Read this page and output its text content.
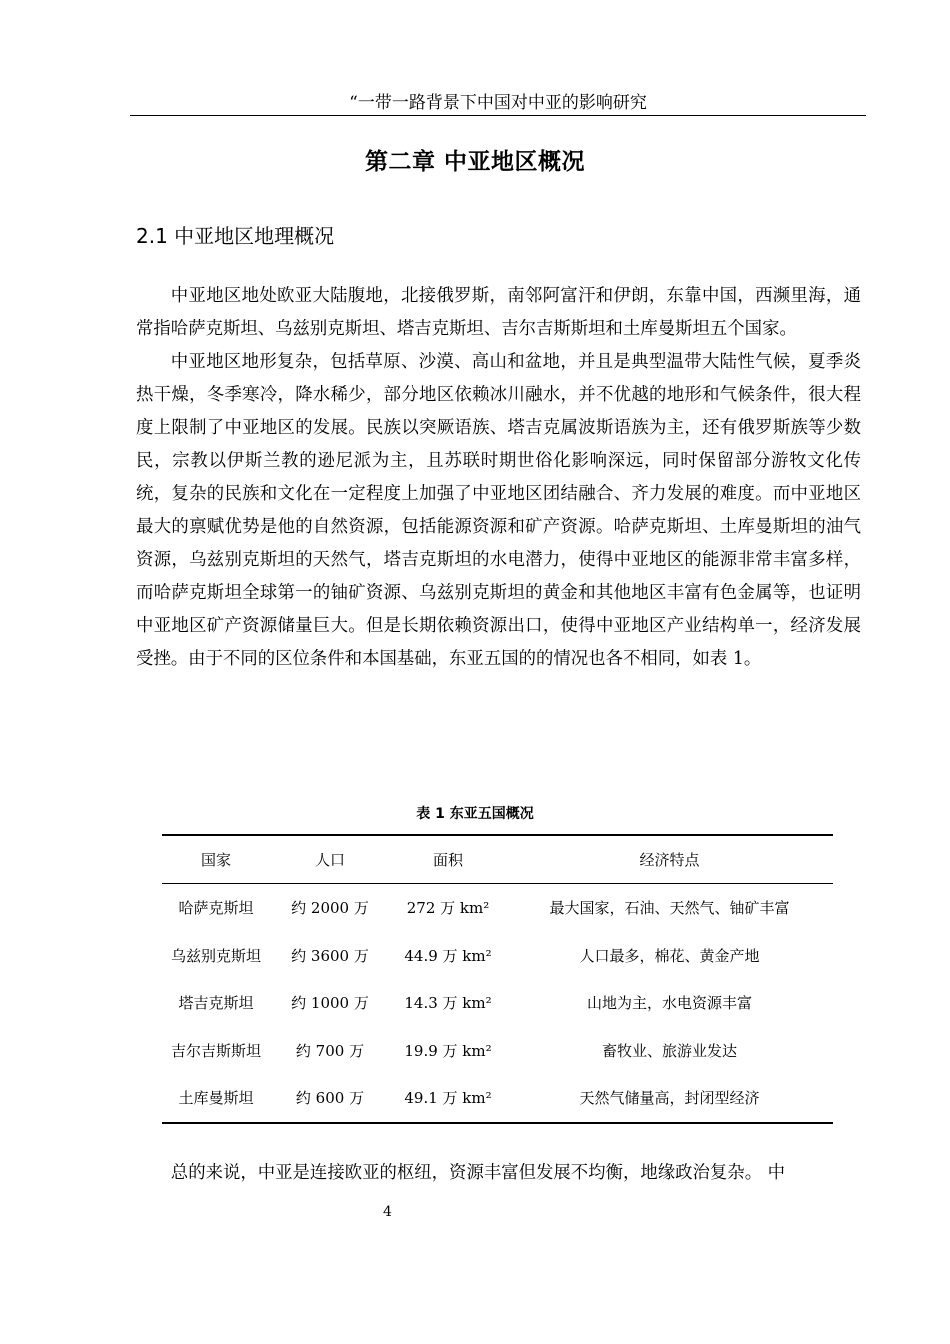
“一带一路背景下中国对中亚的影响研究
第二章 中亚地区概况
2.1 中亚地区地理概况

中亚地区地处欧亚大陆腹地，北接俄罗斯，南邻阿富汗和伊朗，东靠中国，西濒里海，通常指哈萨克斯坦、乌兹别克斯坦、塔吉克斯坦、吉尔吉斯斯坦和土库曼斯坦五个国家。

中亚地区地形复杂，包括草原、沙漠、高山和盆地，并且是典型温带大陆性气候，夏季炎热干燥，冬季寒冷，降水稀少，部分地区依赖冰川融水，并不优越的地形和气候条件，很大程度上限制了中亚地区的发展。民族以突厥语族、塔吉克属波斯语族为主，还有俄罗斯族等少数民，宗教以伊斯兰教的逊尼派为主，且苏联时期世俗化影响深远，同时保留部分游牧文化传统，复杂的民族和文化在一定程度上加强了中亚地区团结融合、齐力发展的难度。而中亚地区最大的禀赋优势是他的自然资源，包括能源资源和矿产资源。哈萨克斯坦、土库曼斯坦的油气资源，乌兹别克斯坦的天然气，塔吉克斯坦的水电潜力，使得中亚地区的能源非常丰富多样，而哈萨克斯坦全球第一的铀矿资源、乌兹别克斯坦的黄金和其他地区丰富有色金属等，也证明中亚地区矿产资源储量巨大。但是长期依赖资源出口，使得中亚地区产业结构单一，经济发展受挫。由于不同的区位条件和本国基础，东亚五国的的情况也各不相同，如表 1。

表 1 东亚五国概况
国家	人口	面积	经济特点
哈萨克斯坦	约 2000 万	272 万 km²	最大国家，石油、天然气、铀矿丰富
乌兹别克斯坦	约 3600 万	44.9 万 km²	人口最多，棉花、黄金产地
塔吉克斯坦	约 1000 万	14.3 万 km²	山地为主，水电资源丰富
吉尔吉斯斯坦	约 700 万	19.9 万 km²	畜牧业、旅游业发达
土库曼斯坦	约 600 万	49.1 万 km²	天然气储量高，封闭型经济

总的来说，中亚是连接欧亚的枢纽，资源丰富但发展不均衡，地缘政治复杂。 中

4
